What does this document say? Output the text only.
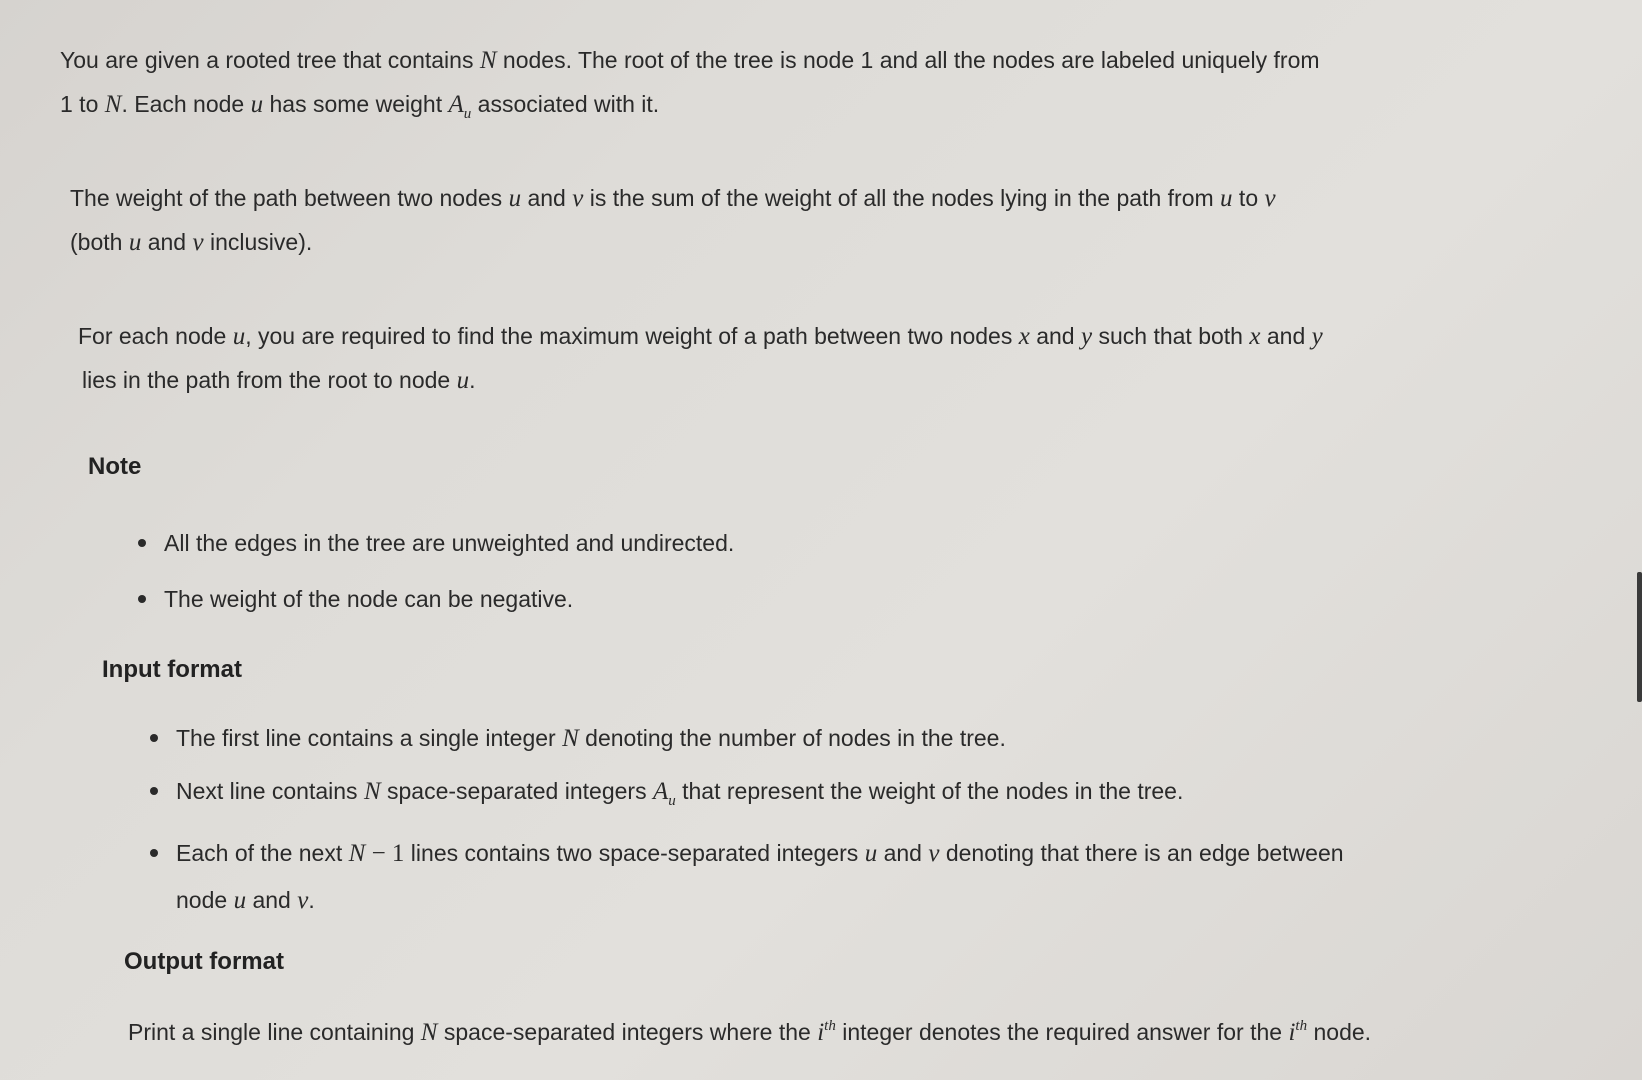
You are given a rooted tree that contains N nodes. The root of the tree is node 1 and all the nodes are labeled uniquely from

1 to N. Each node u has some weight $A_u$ associated with it.

The weight of the path between two nodes u and v is the sum of the weight of all the nodes lying in the path from u to v

(both u and v inclusive).

For each node u, you are required to find the maximum weight of a path between two nodes x and y such that both x and y

lies in the path from the root to node u.

Note
All the edges in the tree are unweighted and undirected.
The weight of the node can be negative.
Input format
The first line contains a single integer N denoting the number of nodes in the tree.
Next line contains N space-separated integers $A_u$ that represent the weight of the nodes in the tree.
Each of the next N − 1 lines contains two space-separated integers u and v denoting that there is an edge between
node u and v.
Output format

Print a single line containing N space-separated integers where the $i^{th}$ integer denotes the required answer for the $i^{th}$ node.
